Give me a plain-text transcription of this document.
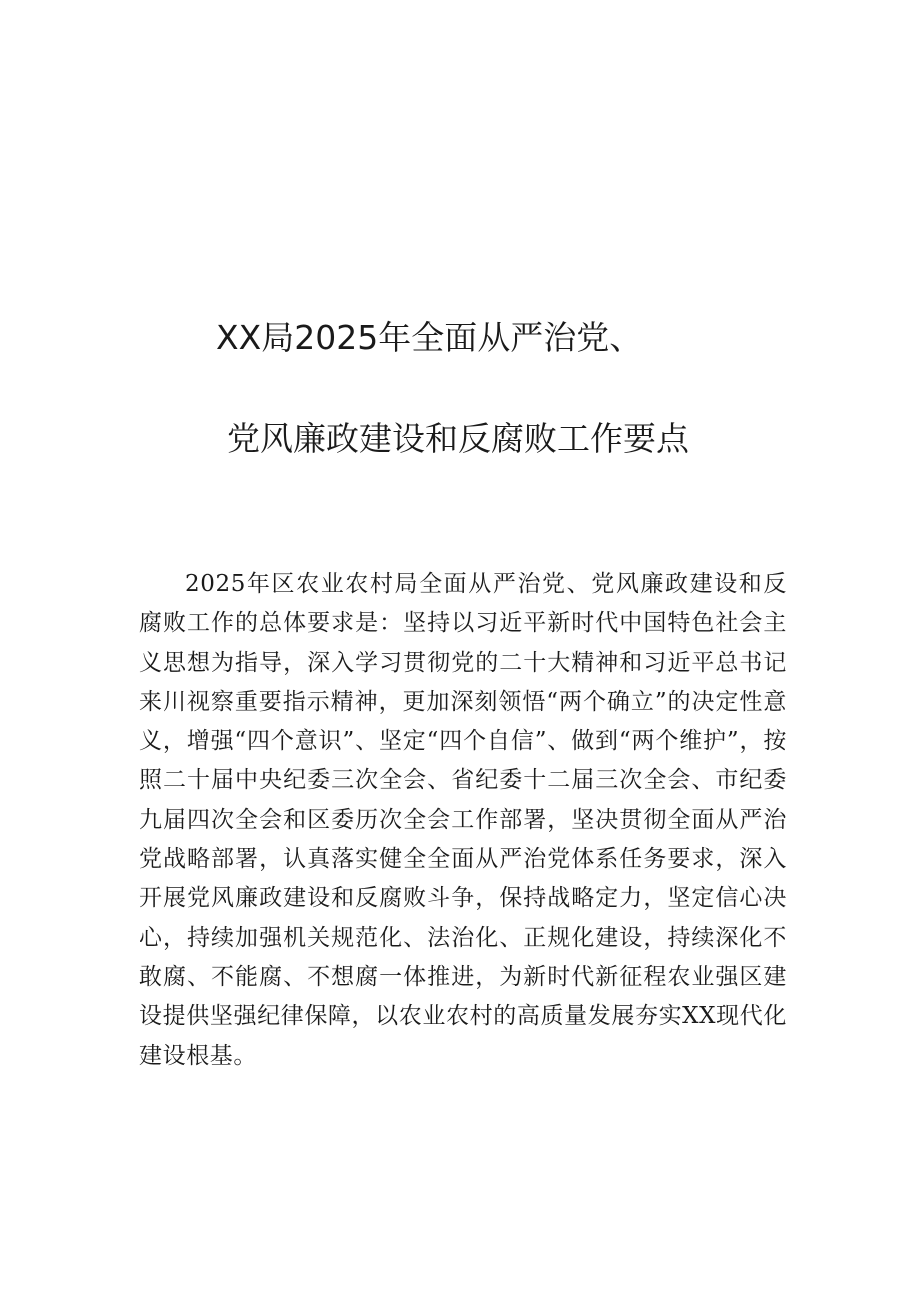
XX局2025年全面从严治党、
党风廉政建设和反腐败工作要点

2025年区农业农村局全面从严治党、党风廉政建设和反腐败工作的总体要求是：坚持以习近平新时代中国特色社会主义思想为指导，深入学习贯彻党的二十大精神和习近平总书记来川视察重要指示精神，更加深刻领悟“两个确立”的决定性意义，增强“四个意识”、坚定“四个自信”、做到“两个维护”，按照二十届中央纪委三次全会、省纪委十二届三次全会、市纪委九届四次全会和区委历次全会工作部署，坚决贯彻全面从严治党战略部署，认真落实健全全面从严治党体系任务要求，深入开展党风廉政建设和反腐败斗争，保持战略定力，坚定信心决心，持续加强机关规范化、法治化、正规化建设，持续深化不敢腐、不能腐、不想腐一体推进，为新时代新征程农业强区建设提供坚强纪律保障，以农业农村的高质量发展夯实XX现代化建设根基。
